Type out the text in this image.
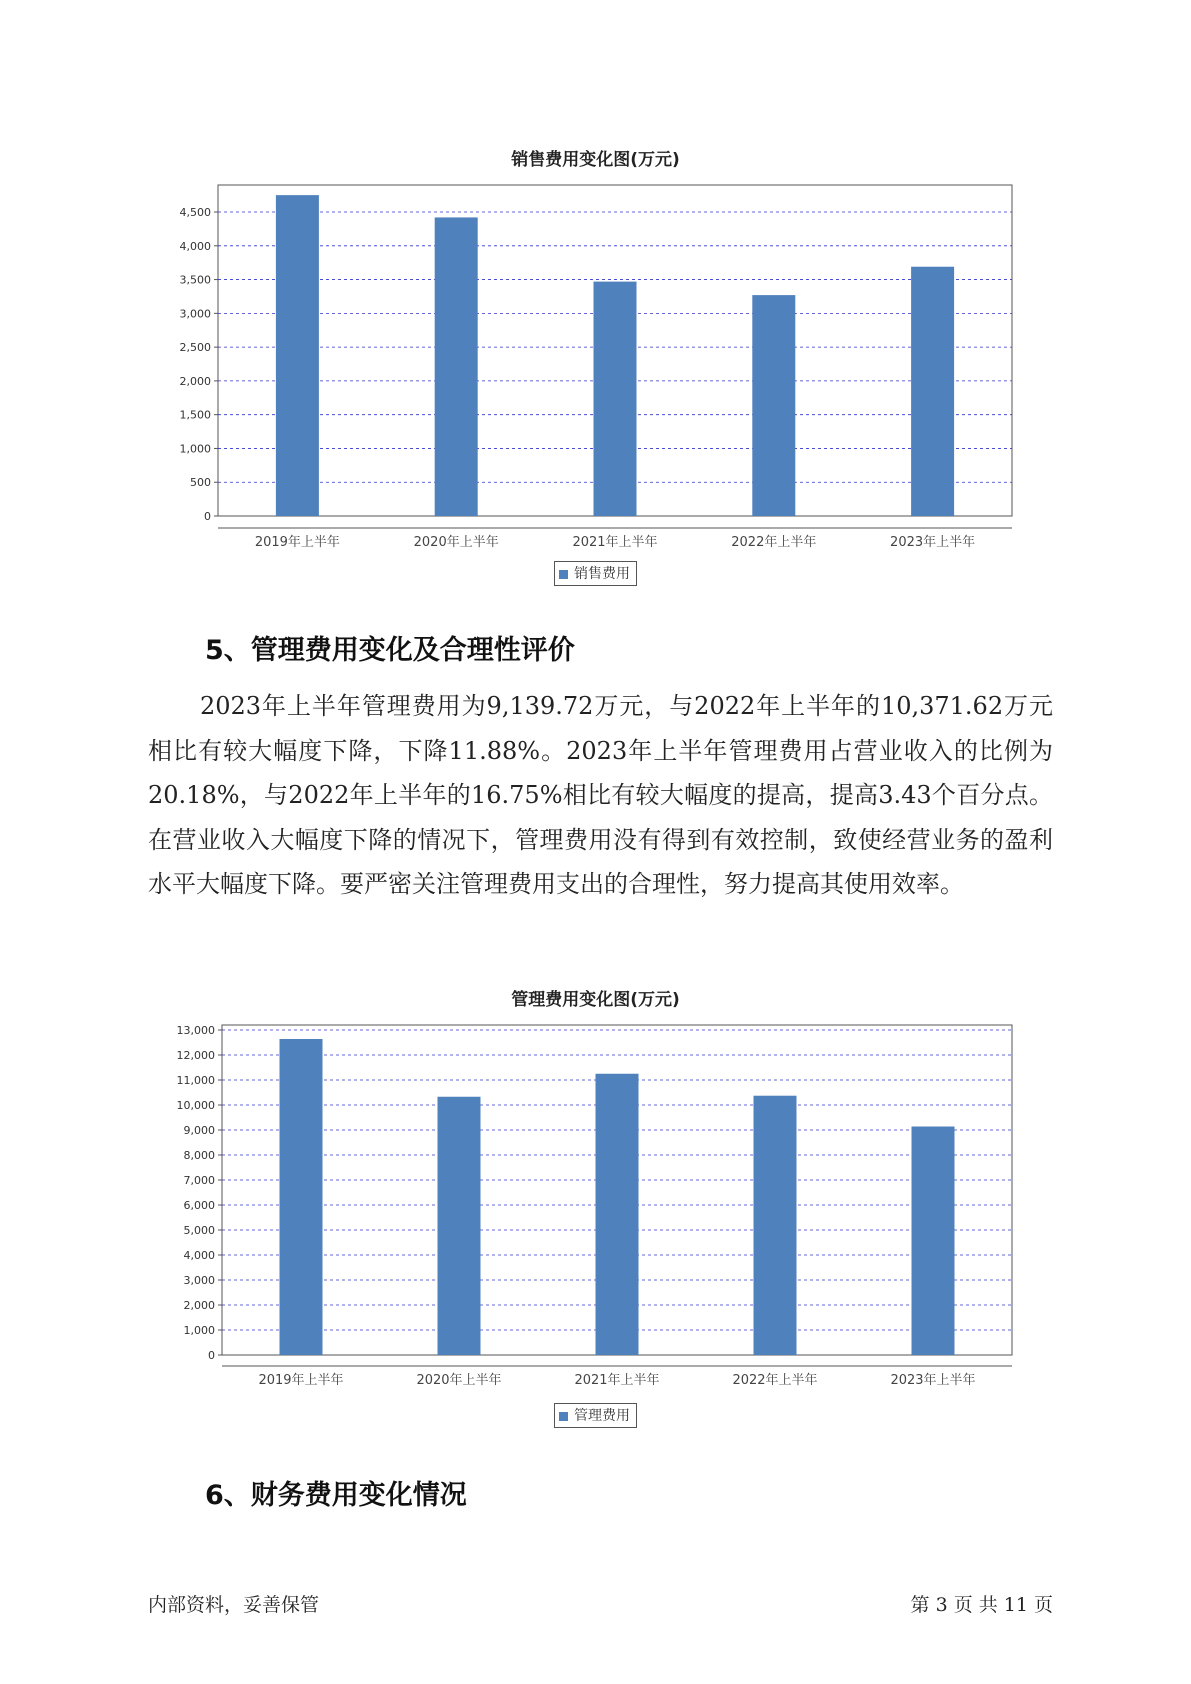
销售费用变化图(万元)
0
500
1,000
1,500
2,000
2,500
3,000
3,500
4,000
4,500
2019年上半年	2020年上半年	2021年上半年	2022年上半年	2023年上半年
销售费用
5、管理费用变化及合理性评价

2023年上半年管理费用为9,139.72万元，与2022年上半年的10,371.62万元相比有较大幅度下降，下降11.88%。2023年上半年管理费用占营业收入的比例为20.18%，与2022年上半年的16.75%相比有较大幅度的提高，提高3.43个百分点。在营业收入大幅度下降的情况下，管理费用没有得到有效控制，致使经营业务的盈利水平大幅度下降。要严密关注管理费用支出的合理性，努力提高其使用效率。

管理费用变化图(万元)
0
1,000
2,000
3,000
4,000
5,000
6,000
7,000
8,000
9,000
10,000
11,000
12,000
13,000
2019年上半年	2020年上半年	2021年上半年	2022年上半年	2023年上半年
管理费用
6、财务费用变化情况
内部资料，妥善保管	第 3 页 共 11 页
